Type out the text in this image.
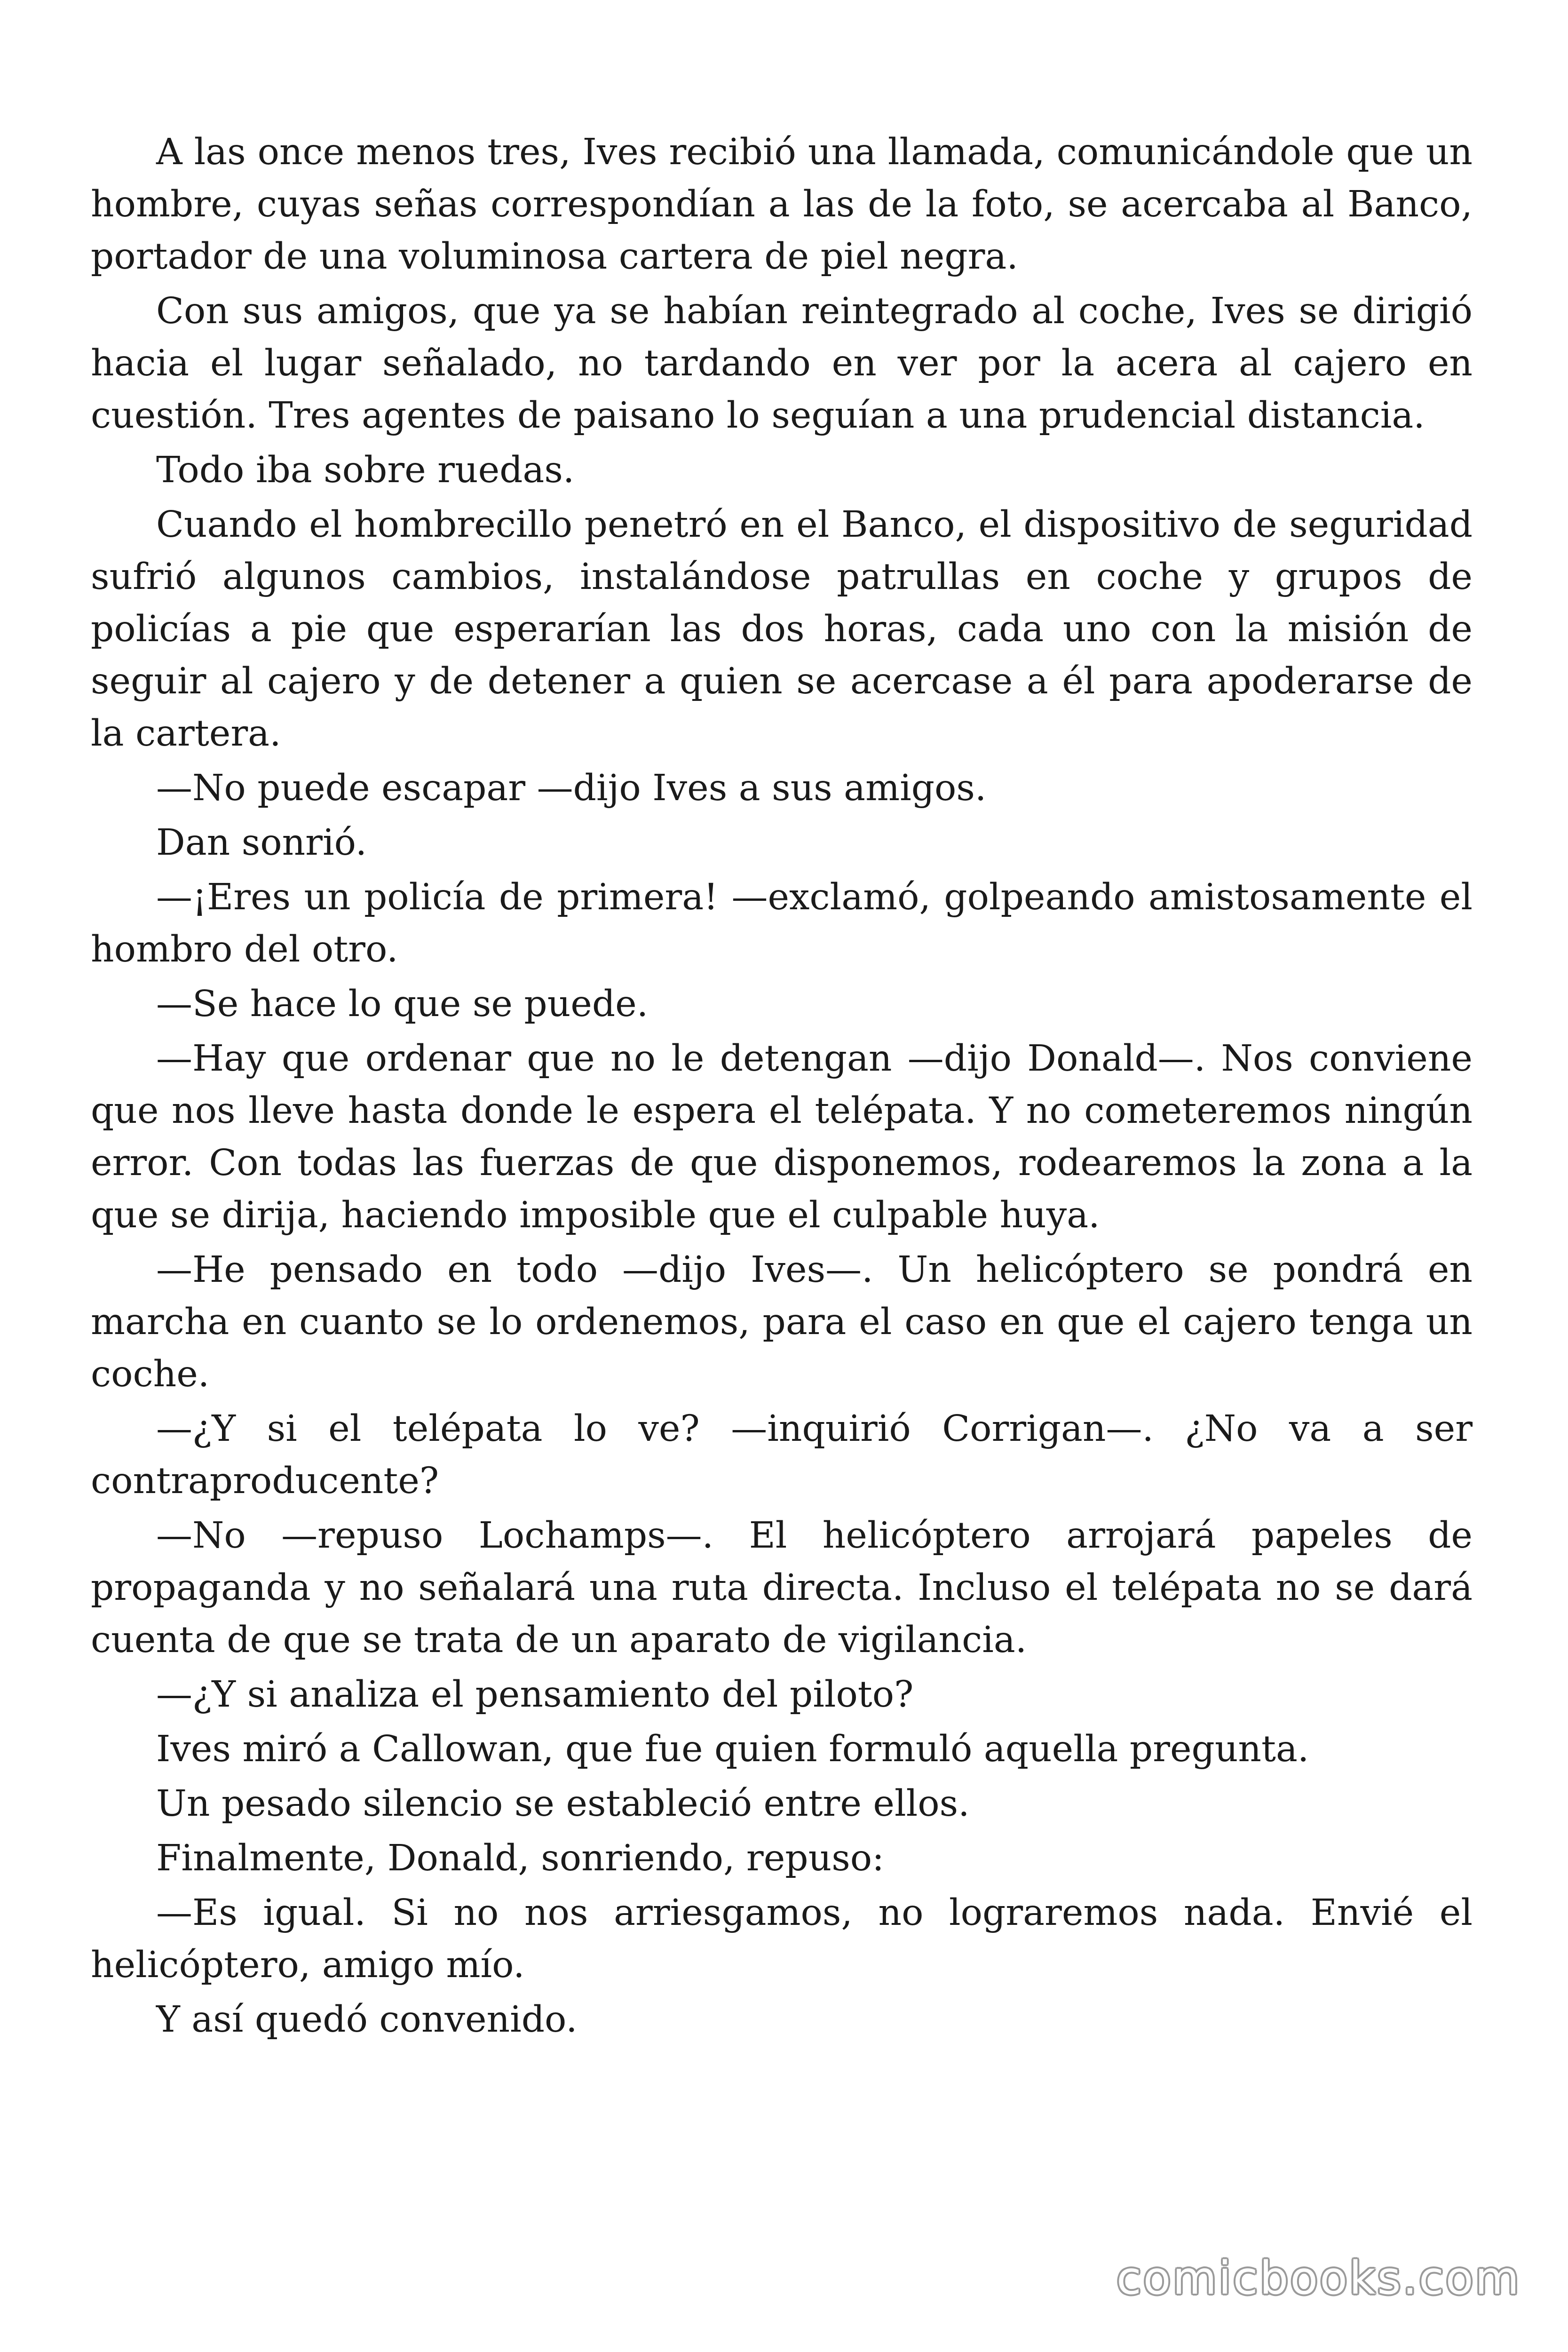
A las once menos tres, Ives recibió una llamada, comunicándole que un hombre, cuyas señas correspondían a las de la foto, se acercaba al Banco, portador de una voluminosa cartera de piel negra.

Con sus amigos, que ya se habían reintegrado al coche, Ives se dirigió hacia el lugar señalado, no tardando en ver por la acera al cajero en cuestión. Tres agentes de paisano lo seguían a una prudencial distancia.

Todo iba sobre ruedas.

Cuando el hombrecillo penetró en el Banco, el dispositivo de seguridad sufrió algunos cambios, instalándose patrullas en coche y grupos de policías a pie que esperarían las dos horas, cada uno con la misión de seguir al cajero y de detener a quien se acercase a él para apoderarse de la cartera.

—No puede escapar —dijo Ives a sus amigos.

Dan sonrió.

—¡Eres un policía de primera! —exclamó, golpeando amistosamente el hombro del otro.

—Se hace lo que se puede.

—Hay que ordenar que no le detengan —dijo Donald—. Nos conviene que nos lleve hasta donde le espera el telépata. Y no cometeremos ningún error. Con todas las fuerzas de que disponemos, rodearemos la zona a la que se dirija, haciendo imposible que el culpable huya.

—He pensado en todo —dijo Ives—. Un helicóptero se pondrá en marcha en cuanto se lo ordenemos, para el caso en que el cajero tenga un coche.

—¿Y si el telépata lo ve? —inquirió Corrigan—. ¿No va a ser contraproducente?

—No —repuso Lochamps—. El helicóptero arrojará papeles de propaganda y no señalará una ruta directa. Incluso el telépata no se dará cuenta de que se trata de un aparato de vigilancia.

—¿Y si analiza el pensamiento del piloto?

Ives miró a Callowan, que fue quien formuló aquella pregunta.

Un pesado silencio se estableció entre ellos.

Finalmente, Donald, sonriendo, repuso:

—Es igual. Si no nos arriesgamos, no lograremos nada. Envié el helicóptero, amigo mío.

Y así quedó convenido.

comicbooks.com
